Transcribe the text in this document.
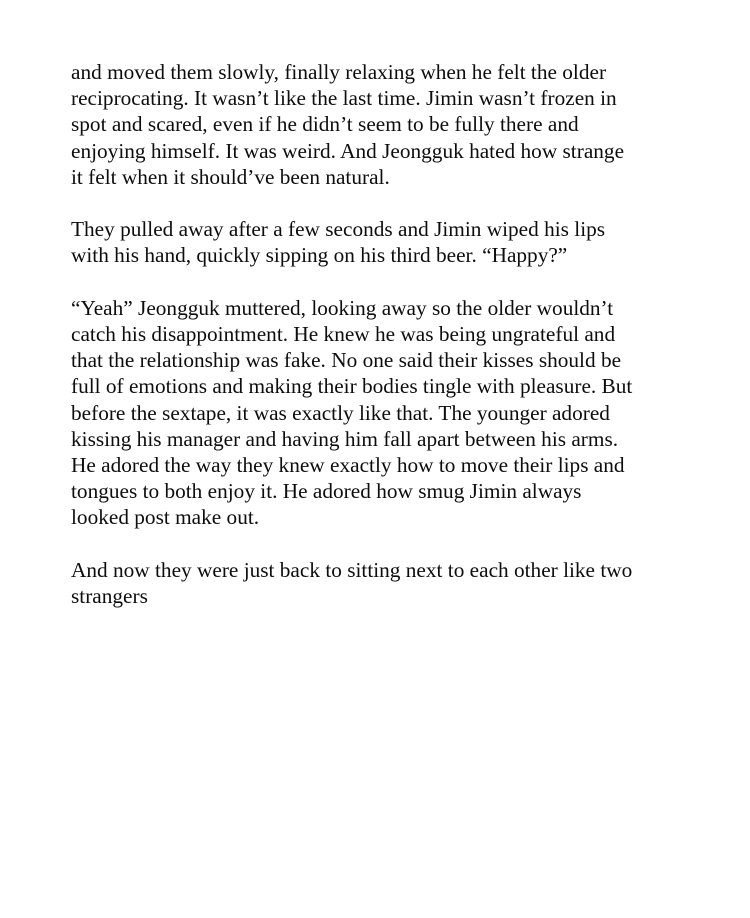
and moved them slowly, finally relaxing when he felt the older
reciprocating. It wasn’t like the last time. Jimin wasn’t frozen in
spot and scared, even if he didn’t seem to be fully there and
enjoying himself. It was weird. And Jeongguk hated how strange
it felt when it should’ve been natural.

They pulled away after a few seconds and Jimin wiped his lips
with his hand, quickly sipping on his third beer. “Happy?”

“Yeah” Jeongguk muttered, looking away so the older wouldn’t
catch his disappointment. He knew he was being ungrateful and
that the relationship was fake. No one said their kisses should be
full of emotions and making their bodies tingle with pleasure. But
before the sextape, it was exactly like that. The younger adored
kissing his manager and having him fall apart between his arms.
He adored the way they knew exactly how to move their lips and
tongues to both enjoy it. He adored how smug Jimin always
looked post make out.

And now they were just back to sitting next to each other like two
strangers
